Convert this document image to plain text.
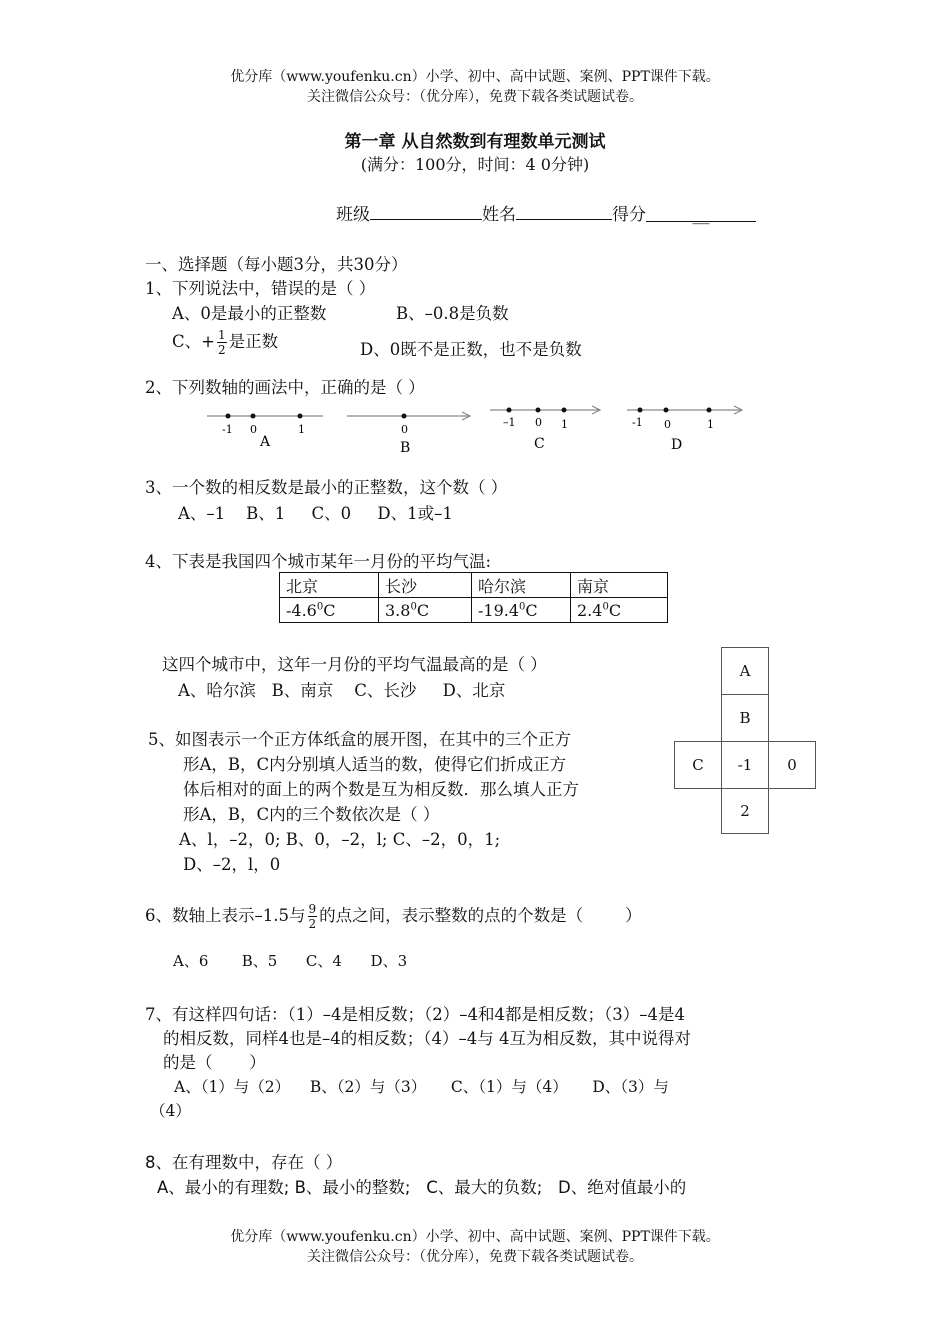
优分库（www.youfenku.cn）小学、初中、高中试题、案例、PPT课件下载。
关注微信公众号：（优分库），免费下载各类试题试卷。
第一章 从自然数到有理数单元测试
(满分：100分，时间：4 0分钟)
班级	姓名	得分	__
一、选择题（每小题3分，共30分）
1、下列说法中，错误的是（ ）
A、0是最小的正整数	B、–0.8是负数
C、+ $\frac{1}{2}$ 是正数	D、0既不是正数，也不是负数
2、下列数轴的画法中，正确的是（ ）
-1 0	1
A
0
B
–1 0 1
C
-1 0	1
D
3、一个数的相反数是最小的正整数，这个数（ ）
A、–1    B、1     C、0     D、1或–1
4、下表是我国四个城市某年一月份的平均气温:
北京	长沙	哈尔滨	南京
$-4.6^0C$	$3.8^0C$	-19.4$^0$C	$2.4^0C$
这四个城市中，这年一月份的平均气温最高的是（ ）
A、哈尔滨   B、南京    C、长沙     D、北京
A
B
C	-1	0
2
5、如图表示一个正方体纸盒的展开图，在其中的三个正方
形A，B，C内分别填人适当的数，使得它们折成正方
体后相对的面上的两个数是互为相反数．那么填人正方
形A，B，C内的三个数依次是（ ）
A、l，–2，0; B、0，–2，l; C、–2，0，1;
D、–2，l，0
6、数轴上表示–1.5与 $\frac{9}{2}$ 的点之间，表示整数的点的个数是（        ）
A、6       B、5      C、4      D、3
7、有这样四句话：（1）–4是相反数；（2）–4和4都是相反数；（3）–4是4
的相反数，同样4也是–4的相反数；（4）–4与 4互为相反数，其中说得对
的是（       ）
A、（1）与（2）    B、（2）与（3）     C、（1）与（4）     D、（3）与
（4）
8、在有理数中，存在（ ）
A、最小的有理数; B、最小的整数;   C、最大的负数;   D、绝对值最小的
优分库（www.youfenku.cn）小学、初中、高中试题、案例、PPT课件下载。
关注微信公众号：（优分库），免费下载各类试题试卷。
